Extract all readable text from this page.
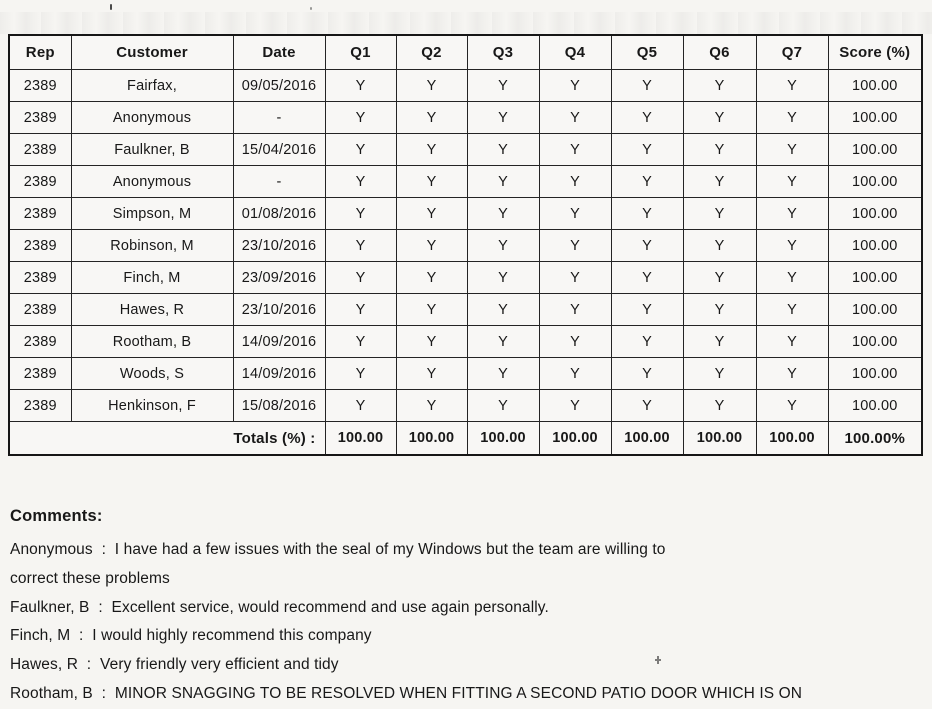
Rep	Customer	Date	Q1	Q2	Q3	Q4	Q5	Q6	Q7	Score (%)
2389	Fairfax,	09/05/2016	Y	Y	Y	Y	Y	Y	Y	100.00
2389	Anonymous	-	Y	Y	Y	Y	Y	Y	Y	100.00
2389	Faulkner, B	15/04/2016	Y	Y	Y	Y	Y	Y	Y	100.00
2389	Anonymous	-	Y	Y	Y	Y	Y	Y	Y	100.00
2389	Simpson, M	01/08/2016	Y	Y	Y	Y	Y	Y	Y	100.00
2389	Robinson, M	23/10/2016	Y	Y	Y	Y	Y	Y	Y	100.00
2389	Finch, M	23/09/2016	Y	Y	Y	Y	Y	Y	Y	100.00
2389	Hawes, R	23/10/2016	Y	Y	Y	Y	Y	Y	Y	100.00
2389	Rootham, B	14/09/2016	Y	Y	Y	Y	Y	Y	Y	100.00
2389	Woods, S	14/09/2016	Y	Y	Y	Y	Y	Y	Y	100.00
2389	Henkinson, F	15/08/2016	Y	Y	Y	Y	Y	Y	Y	100.00
Totals (%) :			100.00	100.00	100.00	100.00	100.00	100.00	100.00	100.00%
Comments:
Anonymous  :  I have had a few issues with the seal of my Windows but the team are willing to
correct these problems
Faulkner, B  :  Excellent service, would recommend and use again personally.
Finch, M  :  I would highly recommend this company
Hawes, R  :  Very friendly very efficient and tidy
Rootham, B  :  MINOR SNAGGING TO BE RESOLVED WHEN FITTING A SECOND PATIO DOOR WHICH IS ON
